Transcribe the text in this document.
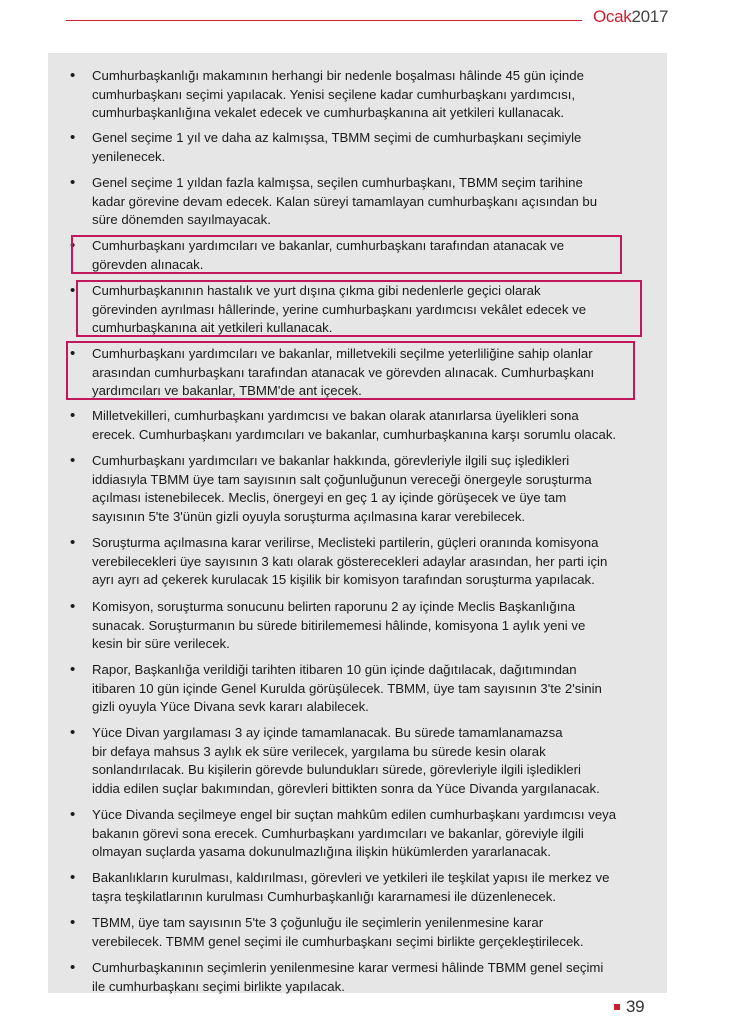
Ocak2017
• Cumhurbaşkanlığı makamının herhangi bir nedenle boşalması hâlinde 45 gün içinde
cumhurbaşkanı seçimi yapılacak. Yenisi seçilene kadar cumhurbaşkanı yardımcısı,
cumhurbaşkanlığına vekalet edecek ve cumhurbaşkanına ait yetkileri kullanacak.
• Genel seçime 1 yıl ve daha az kalmışsa, TBMM seçimi de cumhurbaşkanı seçimiyle
yenilenecek.
• Genel seçime 1 yıldan fazla kalmışsa, seçilen cumhurbaşkanı, TBMM seçim tarihine
kadar görevine devam edecek. Kalan süreyi tamamlayan cumhurbaşkanı açısından bu
süre dönemden sayılmayacak.
• Cumhurbaşkanı yardımcıları ve bakanlar, cumhurbaşkanı tarafından atanacak ve
görevden alınacak.
• Cumhurbaşkanının hastalık ve yurt dışına çıkma gibi nedenlerle geçici olarak
görevinden ayrılması hâllerinde, yerine cumhurbaşkanı yardımcısı vekâlet edecek ve
cumhurbaşkanına ait yetkileri kullanacak.
• Cumhurbaşkanı yardımcıları ve bakanlar, milletvekili seçilme yeterliliğine sahip olanlar
arasından cumhurbaşkanı tarafından atanacak ve görevden alınacak. Cumhurbaşkanı
yardımcıları ve bakanlar, TBMM'de ant içecek.
• Milletvekilleri, cumhurbaşkanı yardımcısı ve bakan olarak atanırlarsa üyelikleri sona
erecek. Cumhurbaşkanı yardımcıları ve bakanlar, cumhurbaşkanına karşı sorumlu olacak.
• Cumhurbaşkanı yardımcıları ve bakanlar hakkında, görevleriyle ilgili suç işledikleri
iddiasıyla TBMM üye tam sayısının salt çoğunluğunun vereceği önergeyle soruşturma
açılması istenebilecek. Meclis, önergeyi en geç 1 ay içinde görüşecek ve üye tam
sayısının 5'te 3'ünün gizli oyuyla soruşturma açılmasına karar verebilecek.
• Soruşturma açılmasına karar verilirse, Meclisteki partilerin, güçleri oranında komisyona
verebilecekleri üye sayısının 3 katı olarak gösterecekleri adaylar arasından, her parti için
ayrı ayrı ad çekerek kurulacak 15 kişilik bir komisyon tarafından soruşturma yapılacak.
• Komisyon, soruşturma sonucunu belirten raporunu 2 ay içinde Meclis Başkanlığına
sunacak. Soruşturmanın bu sürede bitirilememesi hâlinde, komisyona 1 aylık yeni ve
kesin bir süre verilecek.
• Rapor, Başkanlığa verildiği tarihten itibaren 10 gün içinde dağıtılacak, dağıtımından
itibaren 10 gün içinde Genel Kurulda görüşülecek. TBMM, üye tam sayısının 3'te 2'sinin
gizli oyuyla Yüce Divana sevk kararı alabilecek.
• Yüce Divan yargılaması 3 ay içinde tamamlanacak. Bu sürede tamamlanamazsa
bir defaya mahsus 3 aylık ek süre verilecek, yargılama bu sürede kesin olarak
sonlandırılacak. Bu kişilerin görevde bulundukları sürede, görevleriyle ilgili işledikleri
iddia edilen suçlar bakımından, görevleri bittikten sonra da Yüce Divanda yargılanacak.
• Yüce Divanda seçilmeye engel bir suçtan mahkûm edilen cumhurbaşkanı yardımcısı veya
bakanın görevi sona erecek. Cumhurbaşkanı yardımcıları ve bakanlar, göreviyle ilgili
olmayan suçlarda yasama dokunulmazlığına ilişkin hükümlerden yararlanacak.
• Bakanlıkların kurulması, kaldırılması, görevleri ve yetkileri ile teşkilat yapısı ile merkez ve
taşra teşkilatlarının kurulması Cumhurbaşkanlığı kararnamesi ile düzenlenecek.
• TBMM, üye tam sayısının 5'te 3 çoğunluğu ile seçimlerin yenilenmesine karar
verebilecek. TBMM genel seçimi ile cumhurbaşkanı seçimi birlikte gerçekleştirilecek.
• Cumhurbaşkanının seçimlerin yenilenmesine karar vermesi hâlinde TBMM genel seçimi
ile cumhurbaşkanı seçimi birlikte yapılacak.
39
